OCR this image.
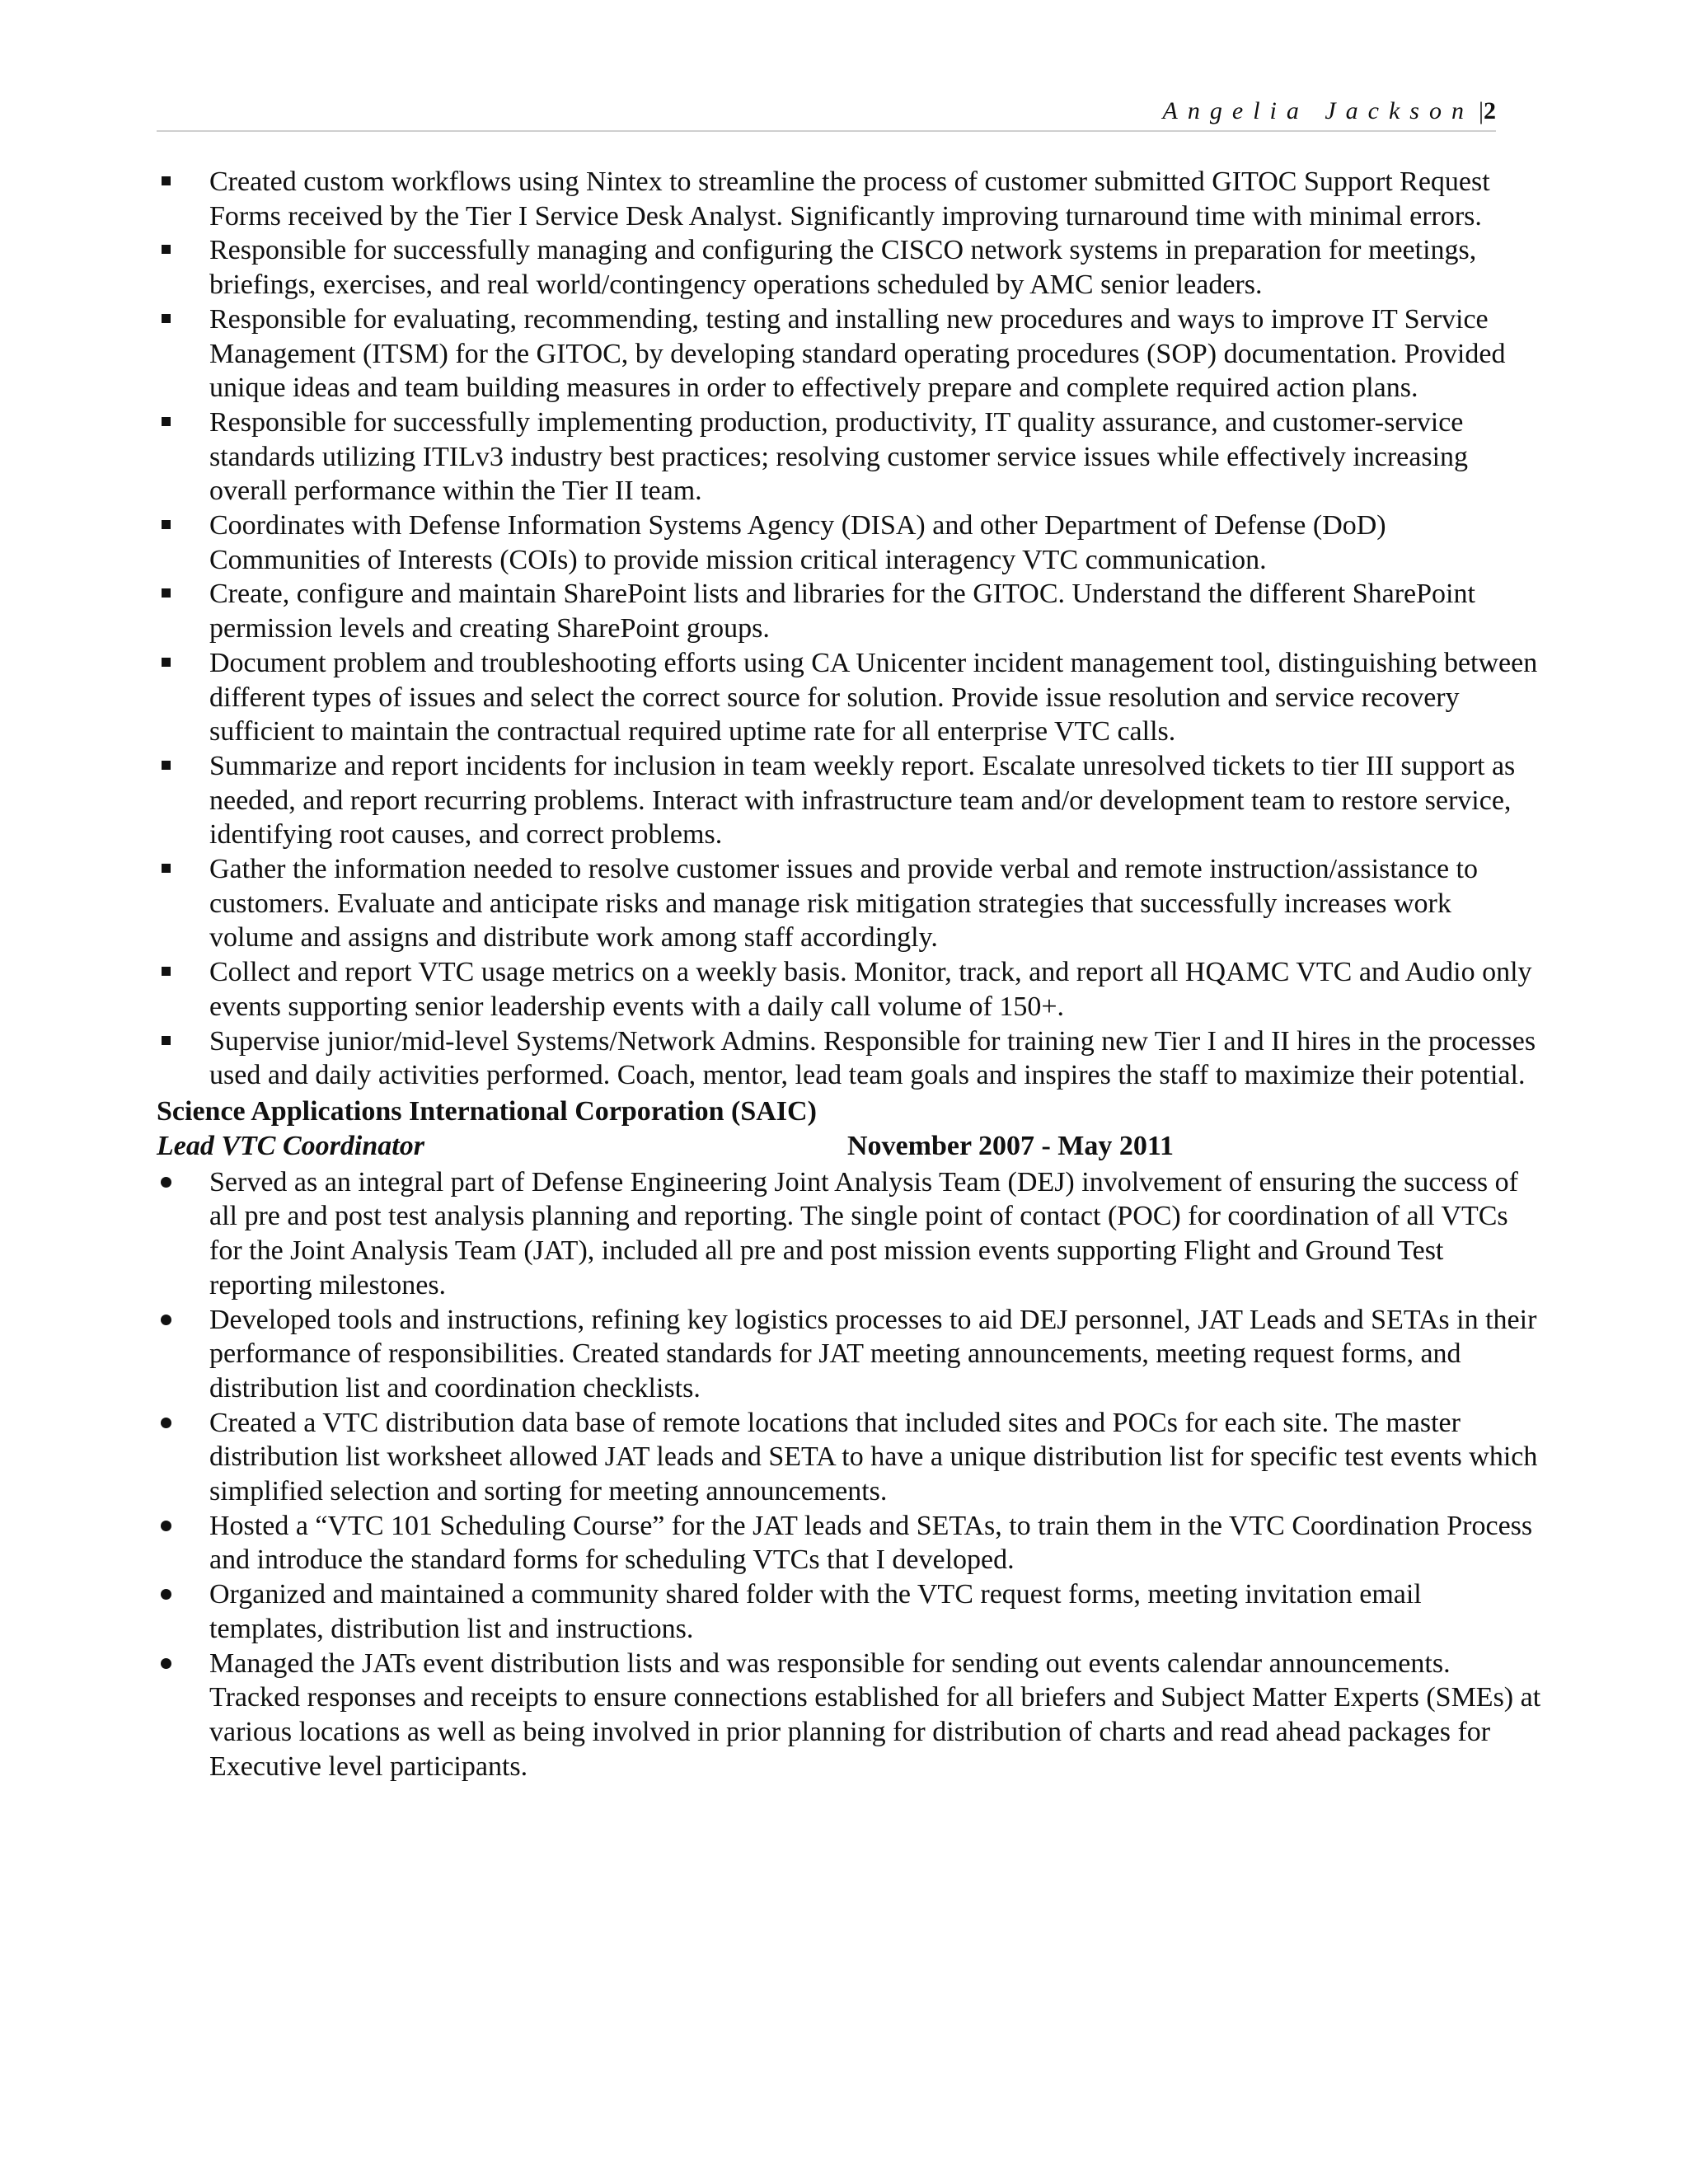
Angelia Jackson |2
Created custom workflows using Nintex to streamline the process of customer submitted GITOC Support Request Forms received by the Tier I Service Desk Analyst. Significantly improving turnaround time with minimal errors.
Responsible for successfully managing and configuring the CISCO network systems in preparation for meetings, briefings, exercises, and real world/contingency operations scheduled by AMC senior leaders.
Responsible for evaluating, recommending, testing and installing new procedures and ways to improve IT Service Management (ITSM) for the GITOC, by developing standard operating procedures (SOP) documentation. Provided unique ideas and team building measures in order to effectively prepare and complete required action plans.
Responsible for successfully implementing production, productivity, IT quality assurance, and customer-service standards utilizing ITILv3 industry best practices; resolving customer service issues while effectively increasing overall performance within the Tier II team.
Coordinates with Defense Information Systems Agency (DISA) and other Department of Defense (DoD) Communities of Interests (COIs) to provide mission critical interagency VTC communication.
Create, configure and maintain SharePoint lists and libraries for the GITOC. Understand the different SharePoint permission levels and creating SharePoint groups.
Document problem and troubleshooting efforts using CA Unicenter incident management tool, distinguishing between different types of issues and select the correct source for solution. Provide issue resolution and service recovery sufficient to maintain the contractual required uptime rate for all enterprise VTC calls.
Summarize and report incidents for inclusion in team weekly report. Escalate unresolved tickets to tier III support as needed, and report recurring problems. Interact with infrastructure team and/or development team to restore service, identifying root causes, and correct problems.
Gather the information needed to resolve customer issues and provide verbal and remote instruction/assistance to customers. Evaluate and anticipate risks and manage risk mitigation strategies that successfully increases work volume and assigns and distribute work among staff accordingly.
Collect and report VTC usage metrics on a weekly basis. Monitor, track, and report all HQAMC VTC and Audio only events supporting senior leadership events with a daily call volume of 150+.
Supervise junior/mid-level Systems/Network Admins. Responsible for training new Tier I and II hires in the processes used and daily activities performed. Coach, mentor, lead team goals and inspires the staff to maximize their potential.
Science Applications International Corporation (SAIC)
Lead VTC Coordinator	November 2007 - May 2011
Served as an integral part of Defense Engineering Joint Analysis Team (DEJ) involvement of ensuring the success of all pre and post test analysis planning and reporting. The single point of contact (POC) for coordination of all VTCs for the Joint Analysis Team (JAT), included all pre and post mission events supporting Flight and Ground Test reporting milestones.
Developed tools and instructions, refining key logistics processes to aid DEJ personnel, JAT Leads and SETAs in their performance of responsibilities. Created standards for JAT meeting announcements, meeting request forms, and distribution list and coordination checklists.
Created a VTC distribution data base of remote locations that included sites and POCs for each site. The master distribution list worksheet allowed JAT leads and SETA to have a unique distribution list for specific test events which simplified selection and sorting for meeting announcements.
Hosted a “VTC 101 Scheduling Course” for the JAT leads and SETAs, to train them in the VTC Coordination Process and introduce the standard forms for scheduling VTCs that I developed.
Organized and maintained a community shared folder with the VTC request forms, meeting invitation email templates, distribution list and instructions.
Managed the JATs event distribution lists and was responsible for sending out events calendar announcements. Tracked responses and receipts to ensure connections established for all briefers and Subject Matter Experts (SMEs) at various locations as well as being involved in prior planning for distribution of charts and read ahead packages for Executive level participants.
